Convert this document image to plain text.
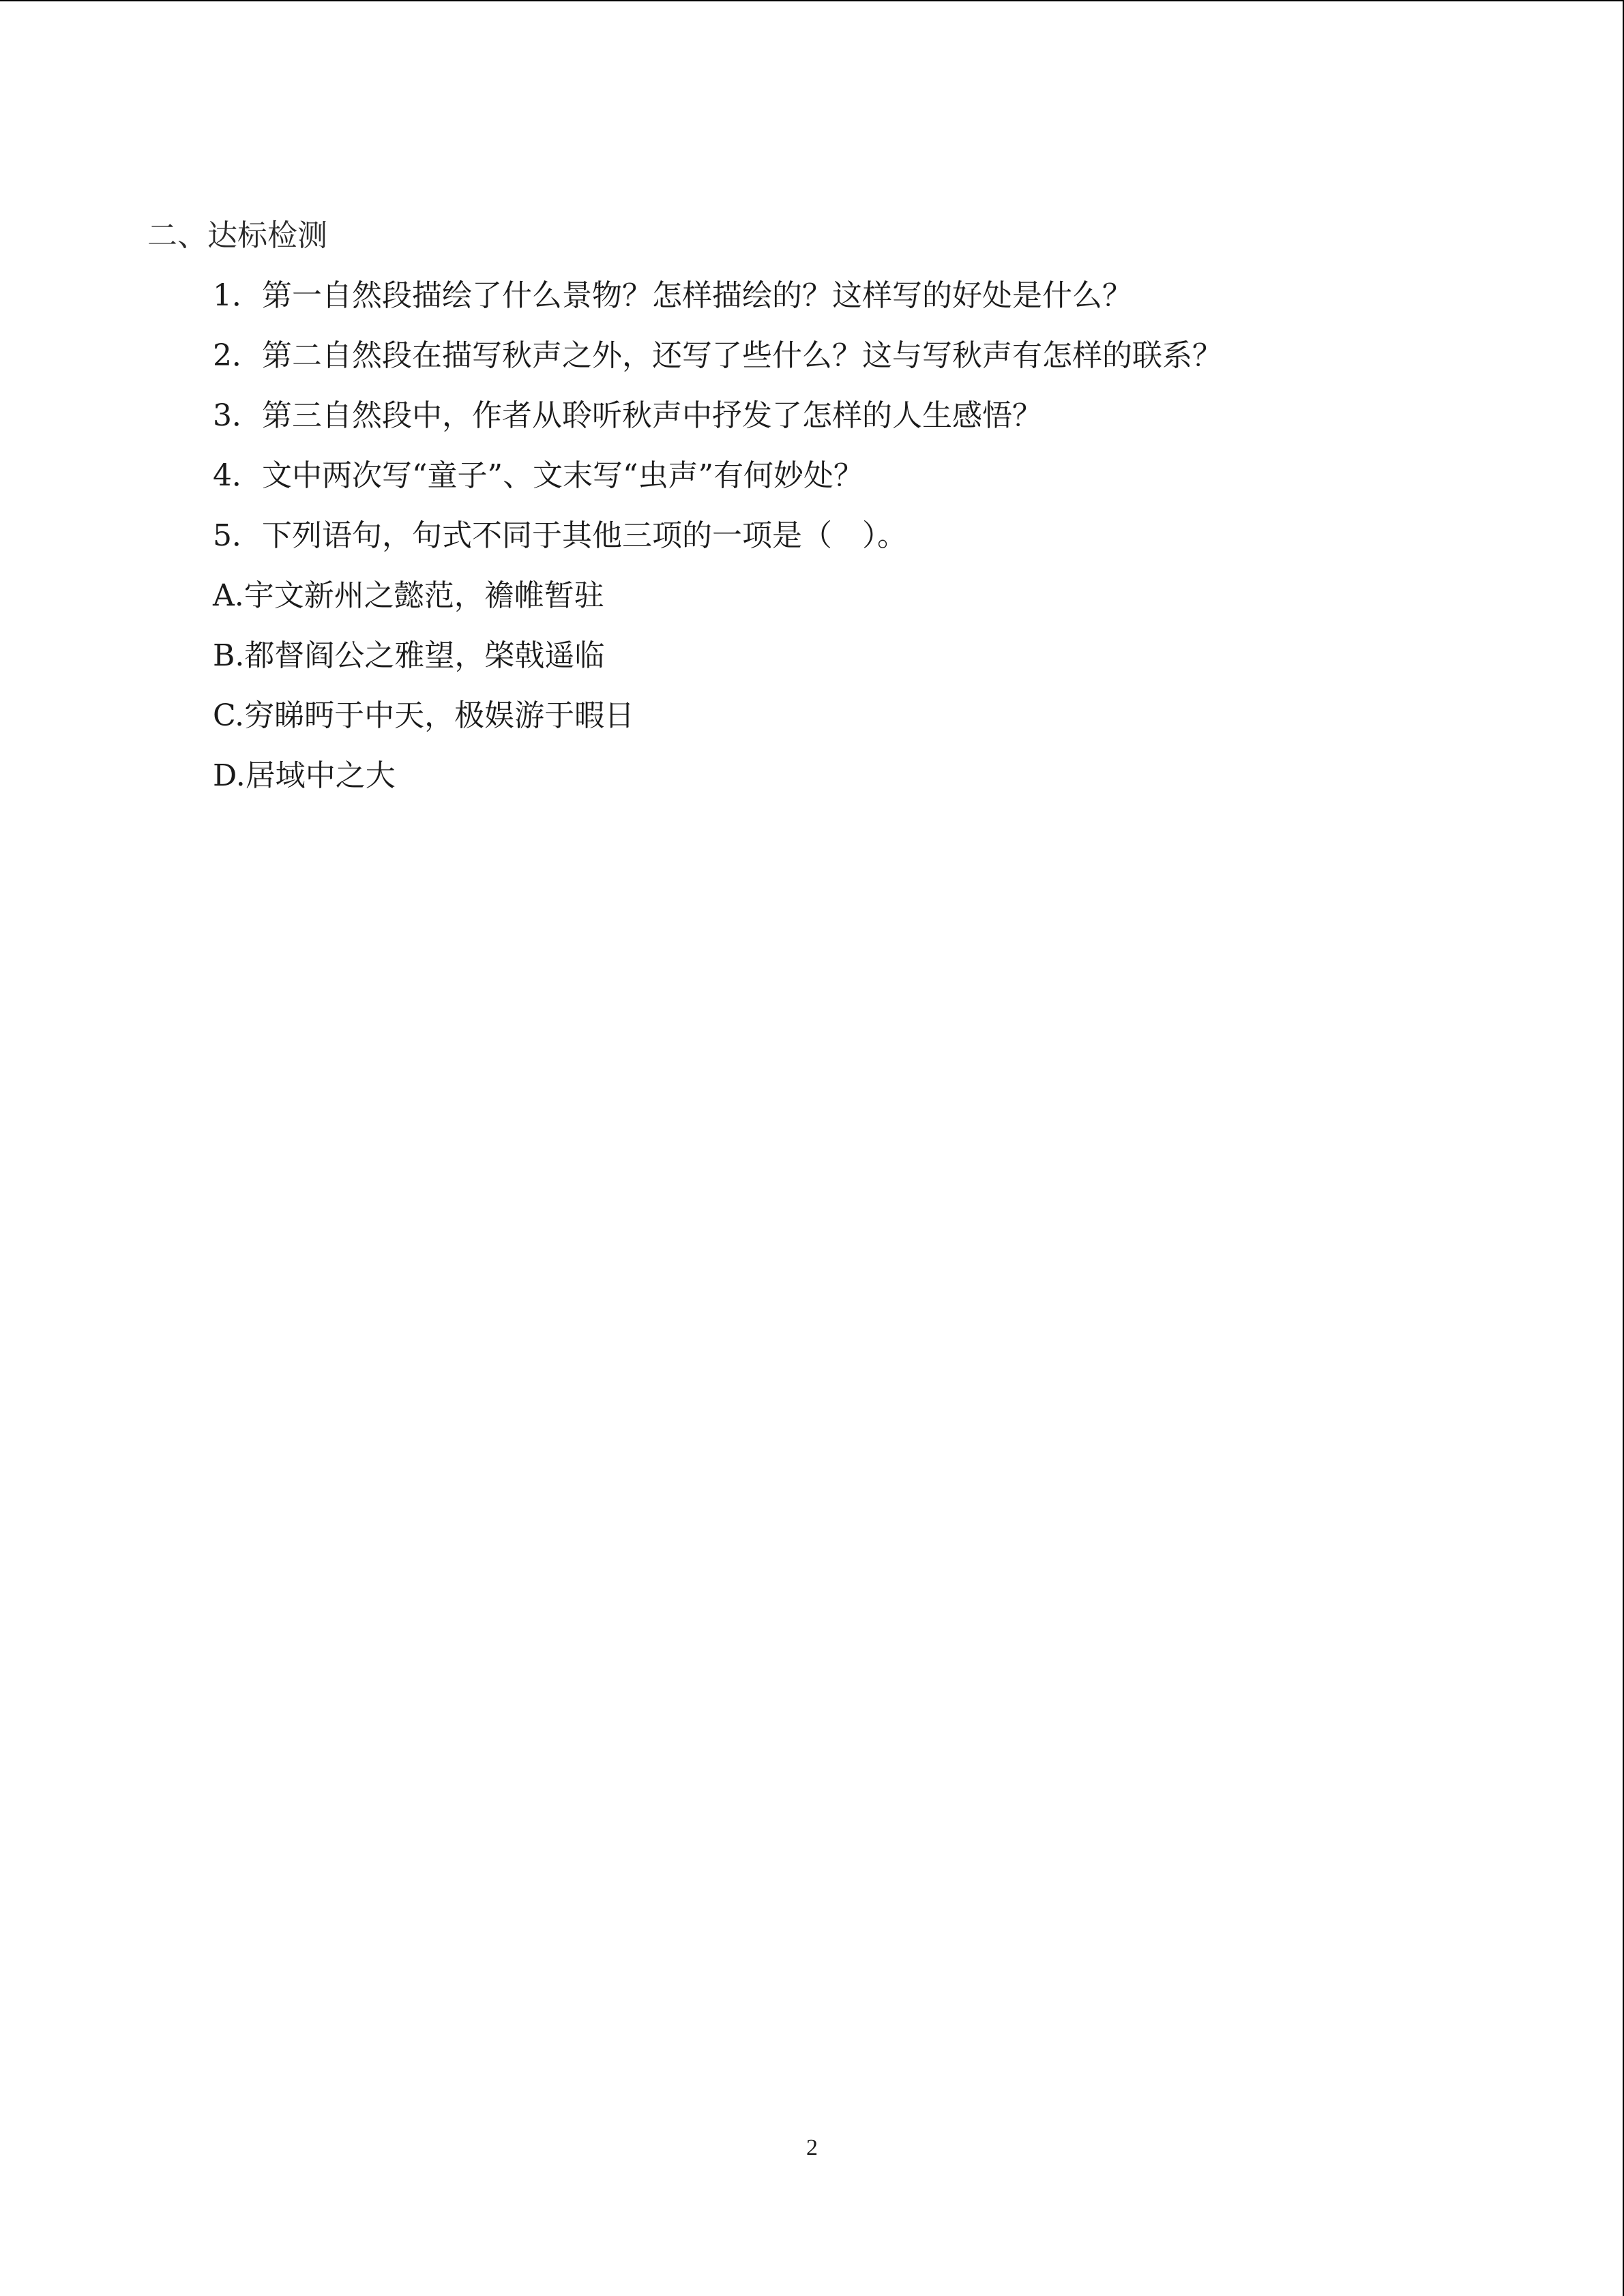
二、达标检测
1．第一自然段描绘了什么景物？怎样描绘的？这样写的好处是什么？
2．第二自然段在描写秋声之外，还写了些什么？这与写秋声有怎样的联系？
3．第三自然段中，作者从聆听秋声中抒发了怎样的人生感悟？
4．文中两次写“童子”、文末写“虫声”有何妙处？
5．下列语句，句式不同于其他三项的一项是（　）。
A.宇文新州之懿范，襜帷暂驻
B.都督阎公之雅望，棨戟遥临
C.穷睇眄于中天，极娱游于暇日
D.居域中之大
2
